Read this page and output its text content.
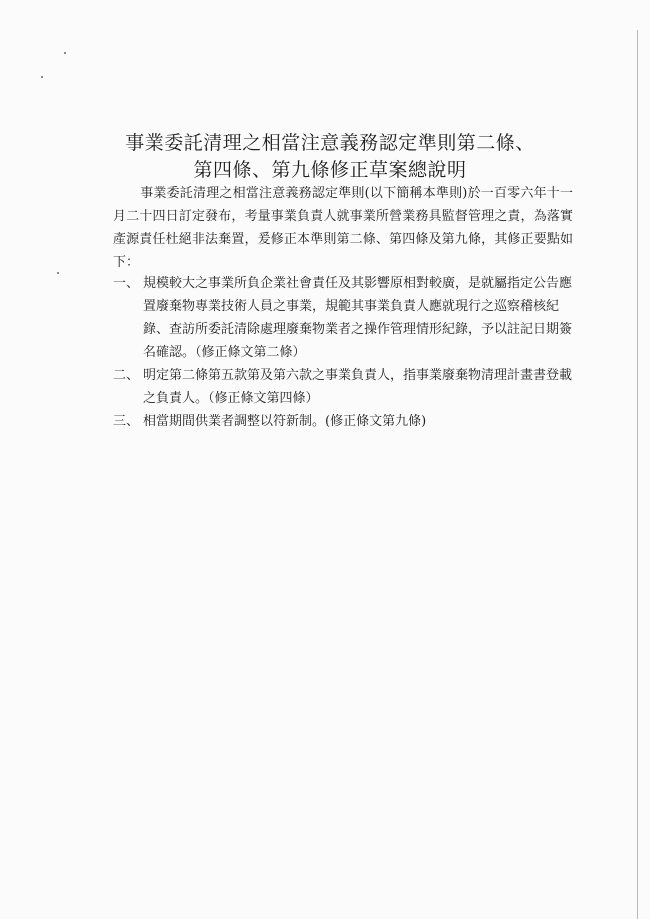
事業委託清理之相當注意義務認定準則第二條、
第四條、第九條修正草案總說明

事業委託清理之相當注意義務認定準則(以下簡稱本準則)於一百零六年十一月二十四日訂定發布，考量事業負責人就事業所營業務具監督管理之責，為落實產源責任杜絕非法棄置，爰修正本準則第二條、第四條及第九條，其修正要點如下：

一、 規模較大之事業所負企業社會責任及其影響原相對較廣，是就屬指定公告應置廢棄物專業技術人員之事業，規範其事業負責人應就現行之巡察稽核紀錄、查訪所委託清除處理廢棄物業者之操作管理情形紀錄，予以註記日期簽名確認。（修正條文第二條）
二、 明定第二條第五款第及第六款之事業負責人，指事業廢棄物清理計畫書登載之負責人。（修正條文第四條）
三、 相當期間供業者調整以符新制。(修正條文第九條)
